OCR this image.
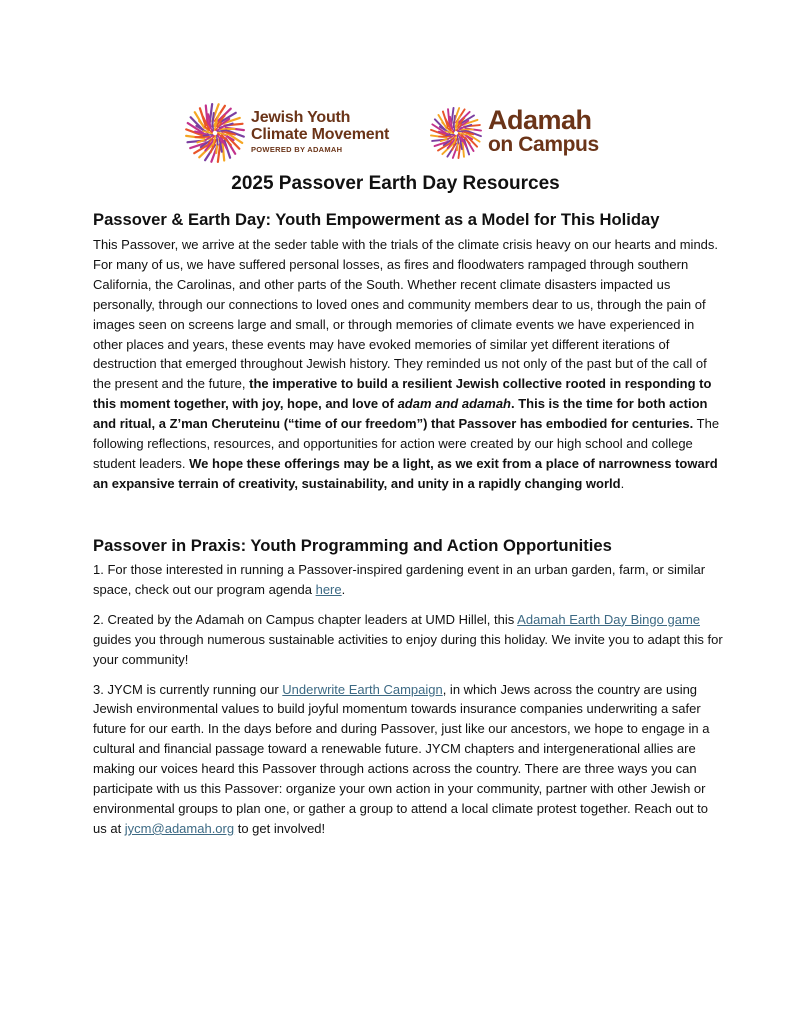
Jewish Youth
Climate Movement
POWERED BY ADAMAH
Adamah
on Campus
2025 Passover Earth Day Resources
Passover & Earth Day: Youth Empowerment as a Model for This Holiday

This Passover, we arrive at the seder table with the trials of the climate crisis heavy on our hearts and minds. For many of us, we have suffered personal losses, as fires and floodwaters rampaged through southern California, the Carolinas, and other parts of the South. Whether recent climate disasters impacted us personally, through our connections to loved ones and community members dear to us, through the pain of images seen on screens large and small, or through memories of climate events we have experienced in other places and years, these events may have evoked memories of similar yet different iterations of destruction that emerged throughout Jewish history. They reminded us not only of the past but of the call of the present and the future, the imperative to build a resilient Jewish collective rooted in responding to this moment together, with joy, hope, and love of adam and adamah. This is the time for both action and ritual, a Z’man Cheruteinu (“time of our freedom”) that Passover has embodied for centuries. The following reflections, resources, and opportunities for action were created by our high school and college student leaders. We hope these offerings may be a light, as we exit from a place of narrowness toward an expansive terrain of creativity, sustainability, and unity in a rapidly changing world.

Passover in Praxis: Youth Programming and Action Opportunities

1. For those interested in running a Passover-inspired gardening event in an urban garden, farm, or similar space, check out our program agenda here.

2. Created by the Adamah on Campus chapter leaders at UMD Hillel, this Adamah Earth Day Bingo game guides you through numerous sustainable activities to enjoy during this holiday. We invite you to adapt this for your community!

3. JYCM is currently running our Underwrite Earth Campaign, in which Jews across the country are using Jewish environmental values to build joyful momentum towards insurance companies underwriting a safer future for our earth. In the days before and during Passover, just like our ancestors, we hope to engage in a cultural and financial passage toward a renewable future. JYCM chapters and intergenerational allies are making our voices heard this Passover through actions across the country. There are three ways you can participate with us this Passover: organize your own action in your community, partner with other Jewish or environmental groups to plan one, or gather a group to attend a local climate protest together. Reach out to us at jycm@adamah.org to get involved!
